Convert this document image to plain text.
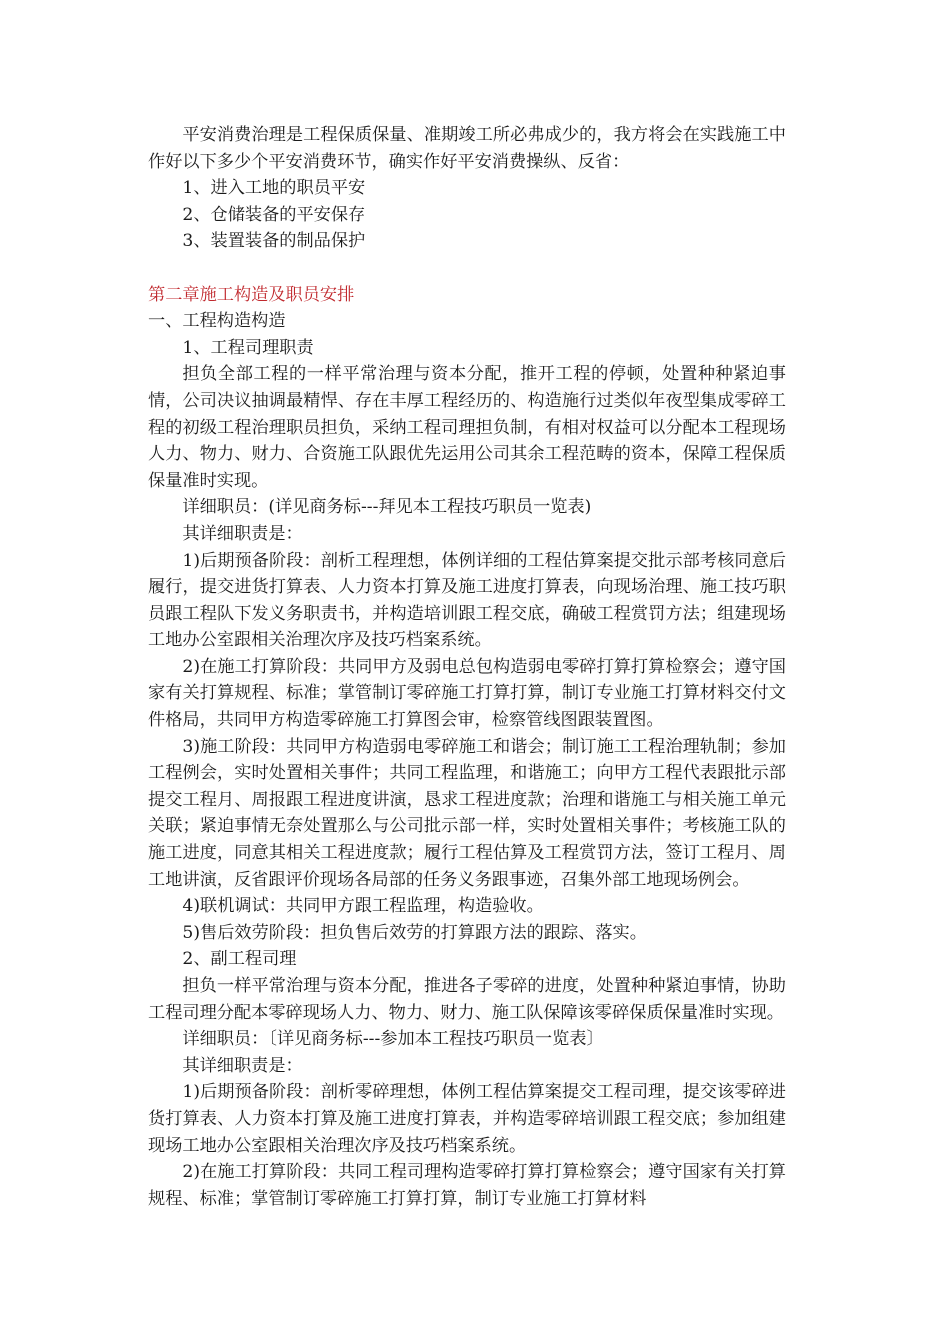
平安消费治理是工程保质保量、准期竣工所必弗成少的，我方将会在实践施工中作好以下多少个平安消费环节，确实作好平安消费操纵、反省：

1、进入工地的职员平安

2、仓储装备的平安保存

3、装置装备的制品保护

第二章施工构造及职员安排

一、工程构造构造

1、工程司理职责

担负全部工程的一样平常治理与资本分配，推开工程的停顿，处置种种紧迫事情，公司决议抽调最精悍、存在丰厚工程经历的、构造施行过类似年夜型集成零碎工程的初级工程治理职员担负，采纳工程司理担负制，有相对权益可以分配本工程现场人力、物力、财力、合资施工队跟优先运用公司其余工程范畴的资本，保障工程保质保量准时实现。

详细职员：(详见商务标---拜见本工程技巧职员一览表)

其详细职责是：

1)后期预备阶段：剖析工程理想，体例详细的工程估算案提交批示部考核同意后履行，提交进货打算表、人力资本打算及施工进度打算表，向现场治理、施工技巧职员跟工程队下发义务职责书，并构造培训跟工程交底，确破工程赏罚方法；组建现场工地办公室跟相关治理次序及技巧档案系统。

2)在施工打算阶段：共同甲方及弱电总包构造弱电零碎打算打算检察会；遵守国家有关打算规程、标准；掌管制订零碎施工打算打算，制订专业施工打算材料交付文件格局，共同甲方构造零碎施工打算图会审，检察管线图跟装置图。

3)施工阶段：共同甲方构造弱电零碎施工和谐会；制订施工工程治理轨制；参加工程例会，实时处置相关事件；共同工程监理，和谐施工；向甲方工程代表跟批示部提交工程月、周报跟工程进度讲演，恳求工程进度款；治理和谐施工与相关施工单元关联；紧迫事情无奈处置那么与公司批示部一样，实时处置相关事件；考核施工队的施工进度，同意其相关工程进度款；履行工程估算及工程赏罚方法，签订工程月、周工地讲演，反省跟评价现场各局部的任务义务跟事迹，召集外部工地现场例会。

4)联机调试：共同甲方跟工程监理，构造验收。

5)售后效劳阶段：担负售后效劳的打算跟方法的跟踪、落实。

2、副工程司理

担负一样平常治理与资本分配，推进各子零碎的进度，处置种种紧迫事情，协助工程司理分配本零碎现场人力、物力、财力、施工队保障该零碎保质保量准时实现。

详细职员：〔详见商务标---参加本工程技巧职员一览表〕

其详细职责是：

1)后期预备阶段：剖析零碎理想，体例工程估算案提交工程司理，提交该零碎进货打算表、人力资本打算及施工进度打算表，并构造零碎培训跟工程交底；参加组建现场工地办公室跟相关治理次序及技巧档案系统。

2)在施工打算阶段：共同工程司理构造零碎打算打算检察会；遵守国家有关打算规程、标准；掌管制订零碎施工打算打算，制订专业施工打算材料
